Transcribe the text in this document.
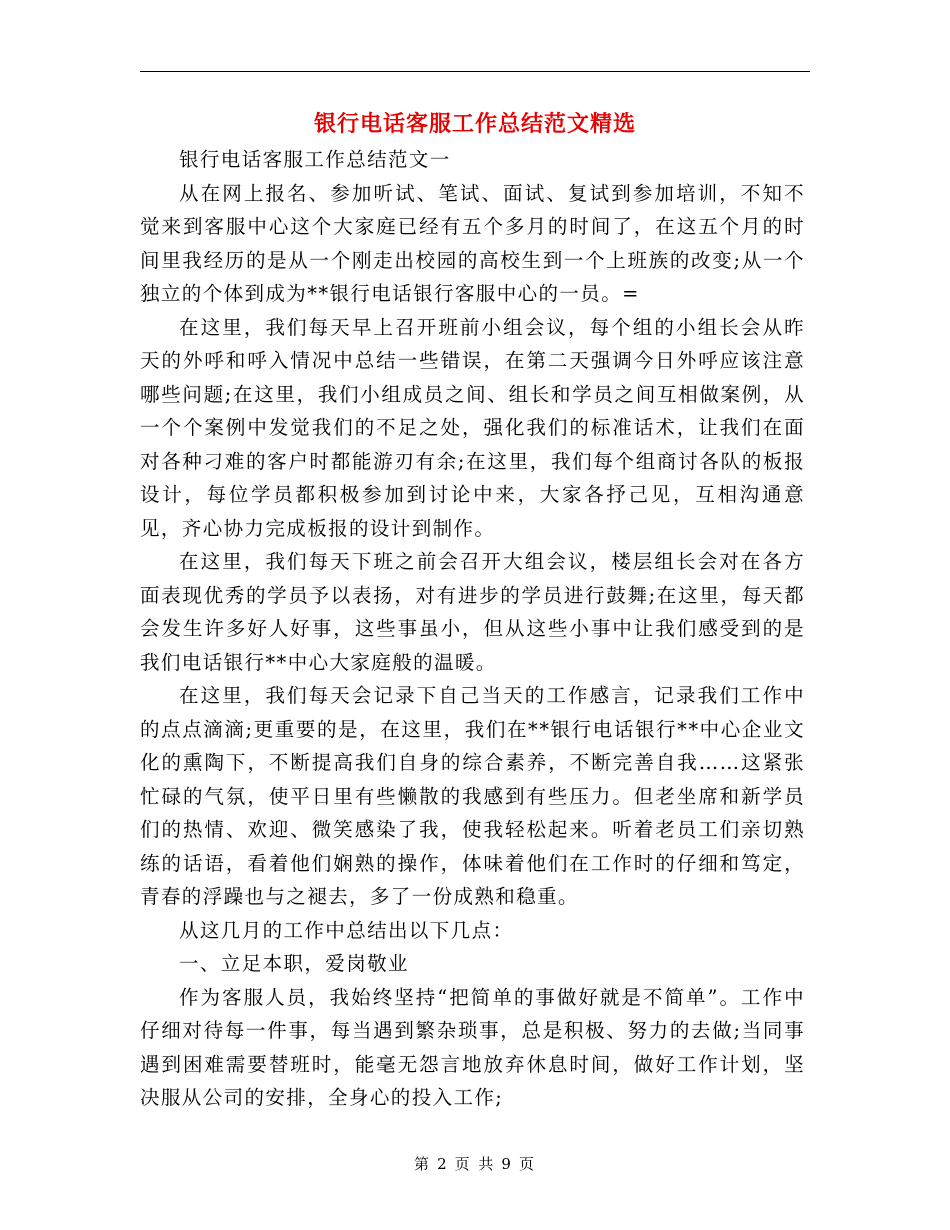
银行电话客服工作总结范文精选

银行电话客服工作总结范文一

从在网上报名、参加听试、笔试、面试、复试到参加培训，不知不觉来到客服中心这个大家庭已经有五个多月的时间了，在这五个月的时间里我经历的是从一个刚走出校园的高校生到一个上班族的改变;从一个独立的个体到成为**银行电话银行客服中心的一员。=

在这里，我们每天早上召开班前小组会议，每个组的小组长会从昨天的外呼和呼入情况中总结一些错误，在第二天强调今日外呼应该注意哪些问题;在这里，我们小组成员之间、组长和学员之间互相做案例，从一个个案例中发觉我们的不足之处，强化我们的标准话术，让我们在面对各种刁难的客户时都能游刃有余;在这里，我们每个组商讨各队的板报设计，每位学员都积极参加到讨论中来，大家各抒己见，互相沟通意见，齐心协力完成板报的设计到制作。

在这里，我们每天下班之前会召开大组会议，楼层组长会对在各方面表现优秀的学员予以表扬，对有进步的学员进行鼓舞;在这里，每天都会发生许多好人好事，这些事虽小，但从这些小事中让我们感受到的是我们电话银行**中心大家庭般的温暖。

在这里，我们每天会记录下自己当天的工作感言，记录我们工作中的点点滴滴;更重要的是，在这里，我们在**银行电话银行**中心企业文化的熏陶下，不断提高我们自身的综合素养，不断完善自我……这紧张忙碌的气氛，使平日里有些懒散的我感到有些压力。但老坐席和新学员们的热情、欢迎、微笑感染了我，使我轻松起来。听着老员工们亲切熟练的话语，看着他们娴熟的操作，体味着他们在工作时的仔细和笃定，青春的浮躁也与之褪去，多了一份成熟和稳重。

从这几月的工作中总结出以下几点：

一、立足本职，爱岗敬业

作为客服人员，我始终坚持“把简单的事做好就是不简单”。工作中仔细对待每一件事，每当遇到繁杂琐事，总是积极、努力的去做;当同事遇到困难需要替班时，能毫无怨言地放弃休息时间，做好工作计划，坚决服从公司的安排，全身心的投入工作;

第 2 页 共 9 页
